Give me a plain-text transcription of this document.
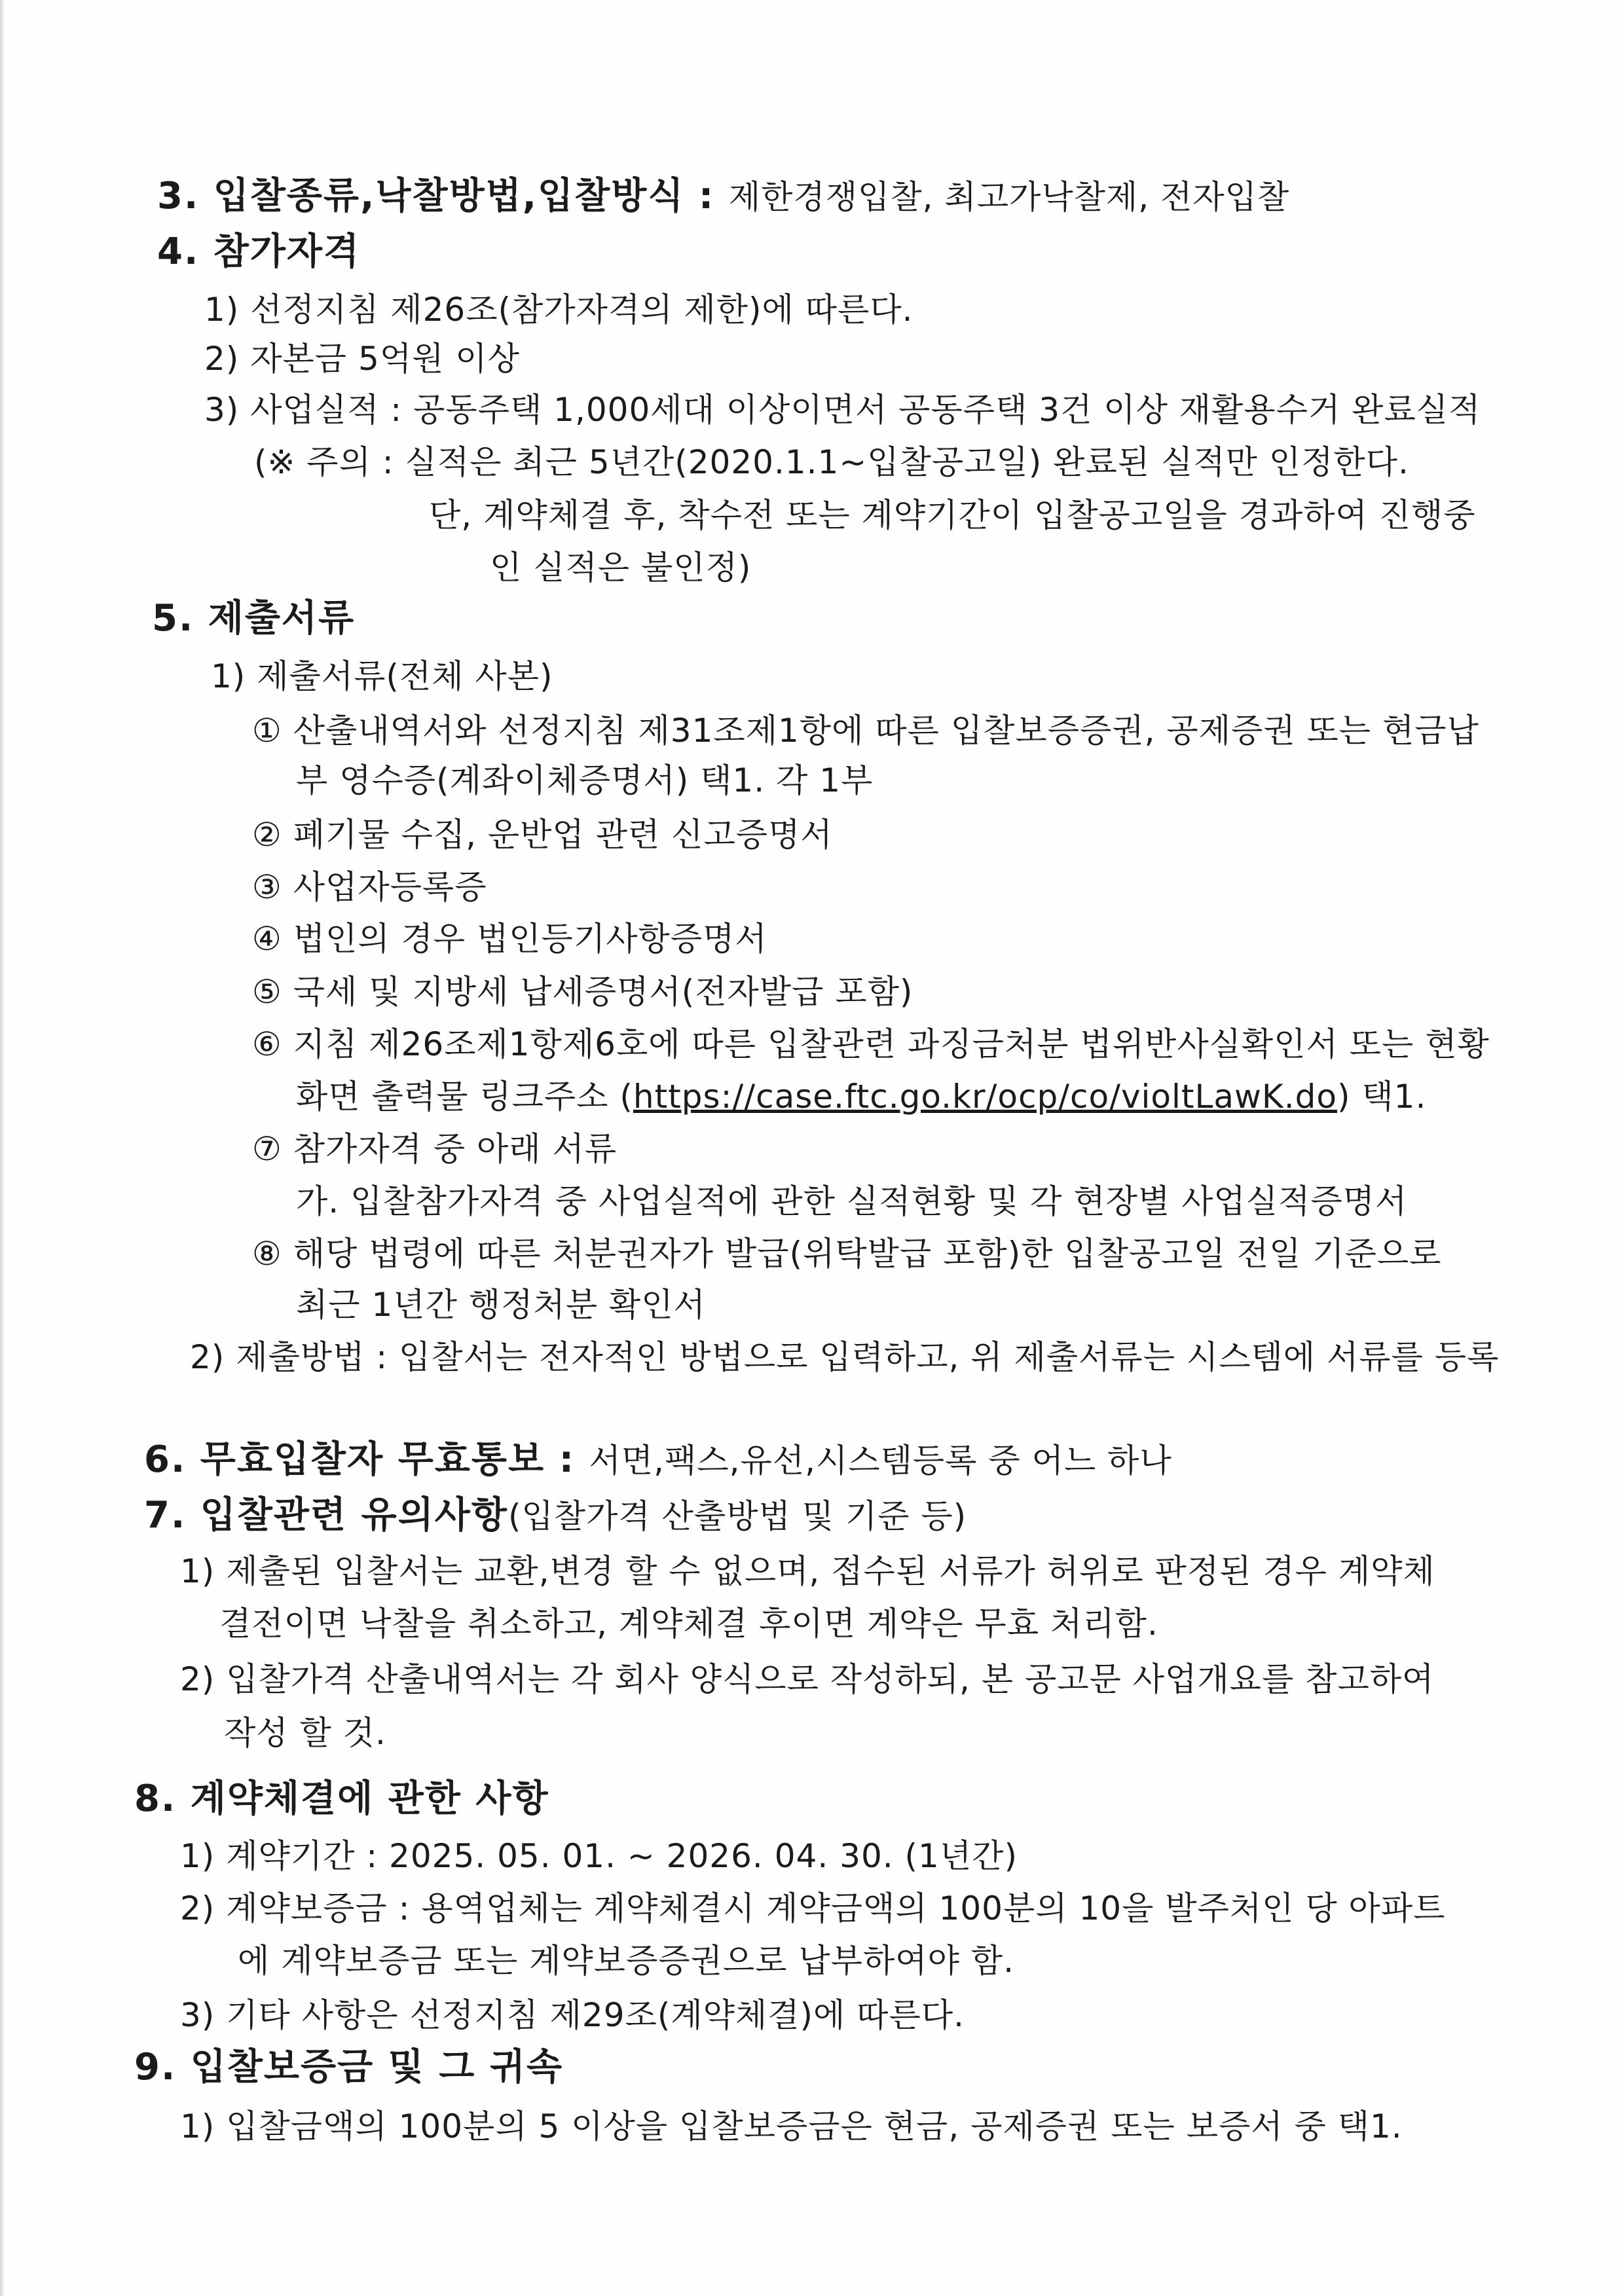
3. 입찰종류,낙찰방법,입찰방식 : 제한경쟁입찰, 최고가낙찰제, 전자입찰
4. 참가자격
1) 선정지침 제26조(참가자격의 제한)에 따른다.
2) 자본금 5억원 이상
3) 사업실적 : 공동주택 1,000세대 이상이면서 공동주택 3건 이상 재활용수거 완료실적
(※ 주의 : 실적은 최근 5년간(2020.1.1~입찰공고일) 완료된 실적만 인정한다.
단, 계약체결 후, 착수전 또는 계약기간이 입찰공고일을 경과하여 진행중
인 실적은 불인정)
5. 제출서류
1) 제출서류(전체 사본)
① 산출내역서와 선정지침 제31조제1항에 따른 입찰보증증권, 공제증권 또는 현금납
부 영수증(계좌이체증명서) 택1. 각 1부
② 폐기물 수집, 운반업 관련 신고증명서
③ 사업자등록증
④ 법인의 경우 법인등기사항증명서
⑤ 국세 및 지방세 납세증명서(전자발급 포함)
⑥ 지침 제26조제1항제6호에 따른 입찰관련 과징금처분 법위반사실확인서 또는 현황
화면 출력물 링크주소 (https://case.ftc.go.kr/ocp/co/violtLawK.do) 택1.
⑦ 참가자격 중 아래 서류
가. 입찰참가자격 중 사업실적에 관한 실적현황 및 각 현장별 사업실적증명서
⑧ 해당 법령에 따른 처분권자가 발급(위탁발급 포함)한 입찰공고일 전일 기준으로
최근 1년간 행정처분 확인서
2) 제출방법 : 입찰서는 전자적인 방법으로 입력하고, 위 제출서류는 시스템에 서류를 등록
6. 무효입찰자 무효통보 : 서면,팩스,유선,시스템등록 중 어느 하나
7. 입찰관련 유의사항(입찰가격 산출방법 및 기준 등)
1) 제출된 입찰서는 교환,변경 할 수 없으며, 접수된 서류가 허위로 판정된 경우 계약체
결전이면 낙찰을 취소하고, 계약체결 후이면 계약은 무효 처리함.
2) 입찰가격 산출내역서는 각 회사 양식으로 작성하되, 본 공고문 사업개요를 참고하여
작성 할 것.
8. 계약체결에 관한 사항
1) 계약기간 : 2025. 05. 01. ~ 2026. 04. 30. (1년간)
2) 계약보증금 : 용역업체는 계약체결시 계약금액의 100분의 10을 발주처인 당 아파트
에 계약보증금 또는 계약보증증권으로 납부하여야 함.
3) 기타 사항은 선정지침 제29조(계약체결)에 따른다.
9. 입찰보증금 및 그 귀속
1) 입찰금액의 100분의 5 이상을 입찰보증금은 현금, 공제증권 또는 보증서 중 택1.
